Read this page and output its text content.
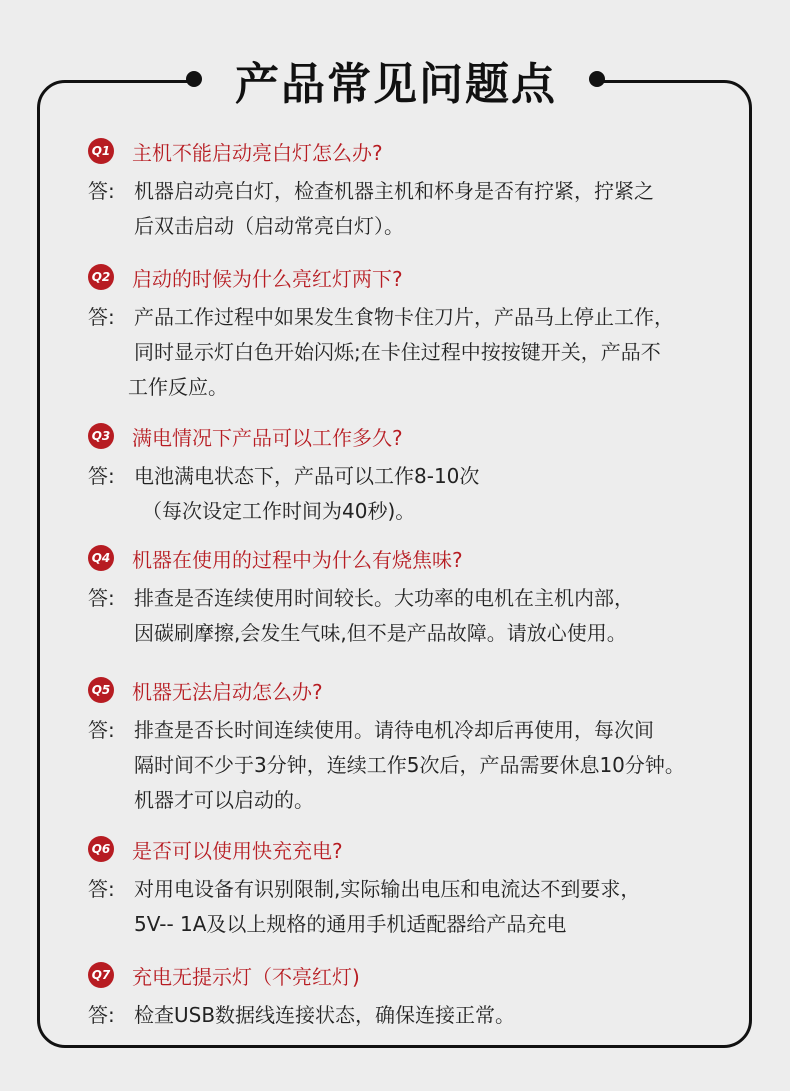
产品常见问题点
Q1 主机不能启动亮白灯怎么办?
答: 机器启动亮白灯，检查机器主机和杯身是否有拧紧，拧紧之
后双击启动（启动常亮白灯）。
Q2 启动的时候为什么亮红灯两下?
答: 产品工作过程中如果发生食物卡住刀片，产品马上停止工作，
同时显示灯白色开始闪烁;在卡住过程中按按键开关，产品不
工作反应。
Q3 满电情况下产品可以工作多久?
答: 电池满电状态下，产品可以工作8-10次
（每次设定工作时间为40秒)。
Q4 机器在使用的过程中为什么有烧焦味?
答: 排查是否连续使用时间较长。大功率的电机在主机内部，
因碳刷摩擦,会发生气味,但不是产品故障。请放心使用。
Q5 机器无法启动怎么办?
答: 排查是否长时间连续使用。请待电机冷却后再使用，每次间
隔时间不少于3分钟，连续工作5次后，产品需要休息10分钟。
机器才可以启动的。
Q6 是否可以使用快充充电?
答: 对用电设备有识别限制,实际输出电压和电流达不到要求，
5V-- 1A及以上规格的通用手机适配器给产品充电
Q7 充电无提示灯（不亮红灯)
答: 检查USB数据线连接状态，确保连接正常。
